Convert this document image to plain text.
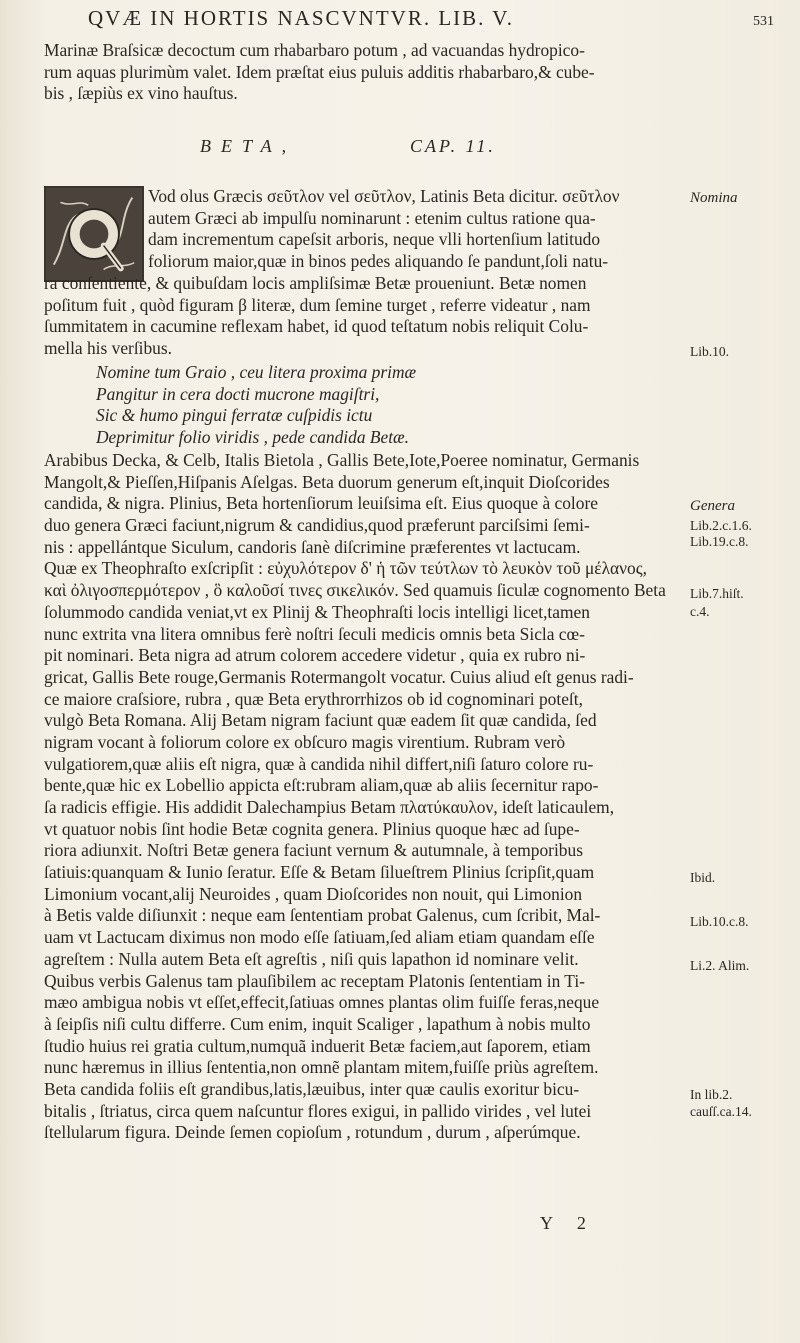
QVÆ IN HORTIS NASCVNTVR. LIB. V.	531
Marinæ Braſsicæ decoctum cum rhabarbaro potum , ad vacuandas hydropico-
rum aquas plurimùm valet. Idem præſtat eius puluis additis rhabarbaro,& cube-
bis , ſæpiùs ex vino hauſtus.
BETA,	CAP. 11.
Vod olus Græcis σεῦτλον vel σεῦτλον, Latinis Beta dicitur. σεῦτλον
autem Græci ab impulſu nominarunt : etenim cultus ratione qua-
dam incrementum capeſsit arboris, neque vlli hortenſium latitudo
foliorum maior,quæ in binos pedes aliquando ſe pandunt,ſoli natu-
ra conſentiente, & quibuſdam locis ampliſsimæ Betæ proueniunt. Betæ nomen
poſitum fuit , quòd figuram β literæ, dum ſemine turget , referre videatur , nam
ſummitatem in cacumine reflexam habet, id quod teſtatum nobis reliquit Colu-
mella his verſibus.
Nomine tum Graio , ceu litera proxima primæ
Pangitur in cera docti mucrone magiſtri,
Sic & humo pingui ferratæ cuſpidis ictu
Deprimitur folio viridis , pede candida Betæ.
Arabibus Decka, & Celb, Italis Bietola , Gallis Bete,Iote,Poeree nominatur, Germanis
Mangolt,& Pieſſen,Hiſpanis Aſelgas. Beta duorum generum eſt,inquit Dioſcorides
candida, & nigra. Plinius, Beta hortenſiorum leuiſsima eſt. Eius quoque à colore
duo genera Græci faciunt,nigrum & candidius,quod præferunt parciſsimi ſemi-
nis : appellántque Siculum, candoris ſanè diſcrimine præferentes vt lactucam.
Quæ ex Theophraſto exſcripſit : εὐχυλότερον δ' ἡ τῶν τεύτλων τὸ λευκὸν τοῦ μέλανος,
καὶ ὀλιγοσπερμότερον , ὃ καλοῦσί τινες σικελικόν. Sed quamuis ſiculæ cognomento Beta
ſolummodo candida veniat,vt ex Plinij & Theophraſti locis intelligi licet,tamen
nunc extrita vna litera omnibus ferè noſtri ſeculi medicis omnis beta Sicla cœ-
pit nominari. Beta nigra ad atrum colorem accedere videtur , quia ex rubro ni-
gricat, Gallis Bete rouge,Germanis Rotermangolt vocatur. Cuius aliud eſt genus radi-
ce maiore craſsiore, rubra , quæ Beta erythrorrhizos ob id cognominari poteſt,
vulgò Beta Romana. Alij Betam nigram faciunt quæ eadem ſit quæ candida, ſed
nigram vocant à foliorum colore ex obſcuro magis virentium. Rubram verò
vulgatiorem,quæ aliis eſt nigra, quæ à candida nihil differt,niſi ſaturo colore ru-
bente,quæ hic ex Lobellio appicta eſt:rubram aliam,quæ ab aliis ſecernitur rapo-
ſa radicis effigie. His addidit Dalechampius Betam πλατύκαυλον, ideſt laticaulem,
vt quatuor nobis ſint hodie Betæ cognita genera. Plinius quoque hæc ad ſupe-
riora adiunxit. Noſtri Betæ genera faciunt vernum & autumnale, à temporibus
ſatiuis:quanquam & Iunio ſeratur. Eſſe & Betam ſilueſtrem Plinius ſcripſit,quam
Limonium vocant,alij Neuroides , quam Dioſcorides non nouit, qui Limonion
à Betis valde diſiunxit : neque eam ſententiam probat Galenus, cum ſcribit, Mal-
uam vt Lactucam diximus non modo eſſe ſatiuam,ſed aliam etiam quandam eſſe
agreſtem : Nulla autem Beta eſt agreſtis , niſi quis lapathon id nominare velit.
Quibus verbis Galenus tam plauſibilem ac receptam Platonis ſententiam in Ti-
mæo ambigua nobis vt eſſet,effecit,ſatiuas omnes plantas olim fuiſſe feras,neque
à ſeipſis niſi cultu differre. Cum enim, inquit Scaliger , lapathum à nobis multo
ſtudio huius rei gratia cultum,numquã induerit Betæ faciem,aut ſaporem, etiam
nunc hæremus in illius ſententia,non omnẽ plantam mitem,fuiſſe priùs agreſtem.
Beta candida foliis eſt grandibus,latis,læuibus, inter quæ caulis exoritur bicu-
bitalis , ſtriatus, circa quem naſcuntur flores exigui, in pallido virides , vel lutei
ſtellularum figura. Deinde ſemen copioſum , rotundum , durum , aſperúmque.
Y 2
Nomina
Lib.10.
Genera
Lib.2.c.1.6.
Lib.19.c.8.
Lib.7.hiſt.
c.4.
Ibid.
Lib.10.c.8.
Li.2. Alim.
In lib.2.
cauſſ.ca.14.
